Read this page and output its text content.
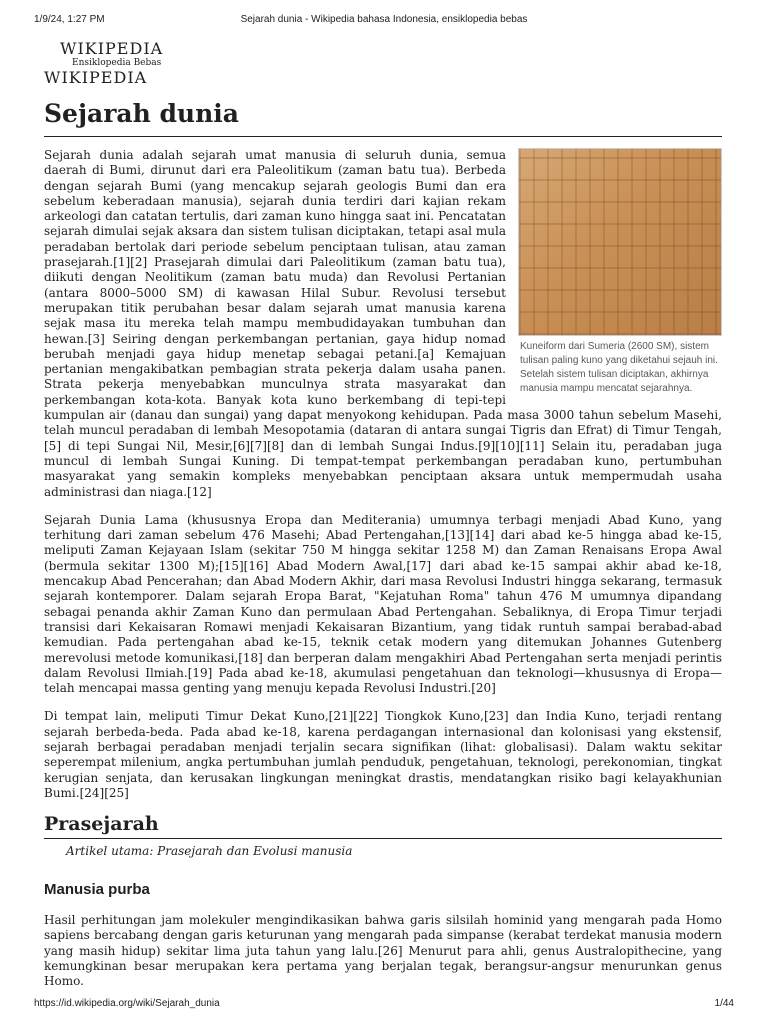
1/9/24, 1:27 PM	Sejarah dunia - Wikipedia bahasa Indonesia, ensiklopedia bebas
WIKIPEDIA
Ensiklopedia Bebas
WIKIPEDIA
Sejarah dunia
Kuneiform dari Sumeria (2600 SM), sistem tulisan paling kuno yang diketahui sejauh ini. Setelah sistem tulisan diciptakan, akhirnya manusia mampu mencatat sejarahnya.

Sejarah dunia adalah sejarah umat manusia di seluruh dunia, semua daerah di Bumi, dirunut dari era Paleolitikum (zaman batu tua). Berbeda dengan sejarah Bumi (yang mencakup sejarah geologis Bumi dan era sebelum keberadaan manusia), sejarah dunia terdiri dari kajian rekam arkeologi dan catatan tertulis, dari zaman kuno hingga saat ini. Pencatatan sejarah dimulai sejak aksara dan sistem tulisan diciptakan, tetapi asal mula peradaban bertolak dari periode sebelum penciptaan tulisan, atau zaman prasejarah.[1][2] Prasejarah dimulai dari Paleolitikum (zaman batu tua), diikuti dengan Neolitikum (zaman batu muda) dan Revolusi Pertanian (antara 8000–5000 SM) di kawasan Hilal Subur. Revolusi tersebut merupakan titik perubahan besar dalam sejarah umat manusia karena sejak masa itu mereka telah mampu membudidayakan tumbuhan dan hewan.[3] Seiring dengan perkembangan pertanian, gaya hidup nomad berubah menjadi gaya hidup menetap sebagai petani.[a] Kemajuan pertanian mengakibatkan pembagian strata pekerja dalam usaha panen. Strata pekerja menyebabkan munculnya strata masyarakat dan perkembangan kota-kota. Banyak kota kuno berkembang di tepi-tepi kumpulan air (danau dan sungai) yang dapat menyokong kehidupan. Pada masa 3000 tahun sebelum Masehi, telah muncul peradaban di lembah Mesopotamia (dataran di antara sungai Tigris dan Efrat) di Timur Tengah,[5] di tepi Sungai Nil, Mesir,[6][7][8] dan di lembah Sungai Indus.[9][10][11] Selain itu, peradaban juga muncul di lembah Sungai Kuning. Di tempat-tempat perkembangan peradaban kuno, pertumbuhan masyarakat yang semakin kompleks menyebabkan penciptaan aksara untuk mempermudah usaha administrasi dan niaga.[12]

Sejarah Dunia Lama (khususnya Eropa dan Mediterania) umumnya terbagi menjadi Abad Kuno, yang terhitung dari zaman sebelum 476 Masehi; Abad Pertengahan,[13][14] dari abad ke-5 hingga abad ke-15, meliputi Zaman Kejayaan Islam (sekitar 750 M hingga sekitar 1258 M) dan Zaman Renaisans Eropa Awal (bermula sekitar 1300 M);[15][16] Abad Modern Awal,[17] dari abad ke-15 sampai akhir abad ke-18, mencakup Abad Pencerahan; dan Abad Modern Akhir, dari masa Revolusi Industri hingga sekarang, termasuk sejarah kontemporer. Dalam sejarah Eropa Barat, "Kejatuhan Roma" tahun 476 M umumnya dipandang sebagai penanda akhir Zaman Kuno dan permulaan Abad Pertengahan. Sebaliknya, di Eropa Timur terjadi transisi dari Kekaisaran Romawi menjadi Kekaisaran Bizantium, yang tidak runtuh sampai berabad-abad kemudian. Pada pertengahan abad ke-15, teknik cetak modern yang ditemukan Johannes Gutenberg merevolusi metode komunikasi,[18] dan berperan dalam mengakhiri Abad Pertengahan serta menjadi perintis dalam Revolusi Ilmiah.[19] Pada abad ke-18, akumulasi pengetahuan dan teknologi—khususnya di Eropa—telah mencapai massa genting yang menuju kepada Revolusi Industri.[20]

Di tempat lain, meliputi Timur Dekat Kuno,[21][22] Tiongkok Kuno,[23] dan India Kuno, terjadi rentang sejarah berbeda-beda. Pada abad ke-18, karena perdagangan internasional dan kolonisasi yang ekstensif, sejarah berbagai peradaban menjadi terjalin secara signifikan (lihat: globalisasi). Dalam waktu sekitar seperempat milenium, angka pertumbuhan jumlah penduduk, pengetahuan, teknologi, perekonomian, tingkat kerugian senjata, dan kerusakan lingkungan meningkat drastis, mendatangkan risiko bagi kelayakhunian Bumi.[24][25]

Prasejarah
Artikel utama: Prasejarah dan Evolusi manusia
Manusia purba
Hasil perhitungan jam molekuler mengindikasikan bahwa garis silsilah hominid yang mengarah pada Homo sapiens bercabang dengan garis keturunan yang mengarah pada simpanse (kerabat terdekat manusia modern yang masih hidup) sekitar lima juta tahun yang lalu.[26] Menurut para ahli, genus Australopithecine, yang kemungkinan besar merupakan kera pertama yang berjalan tegak, berangsur-angsur menurunkan genus Homo.
https://id.wikipedia.org/wiki/Sejarah_dunia	1/44
